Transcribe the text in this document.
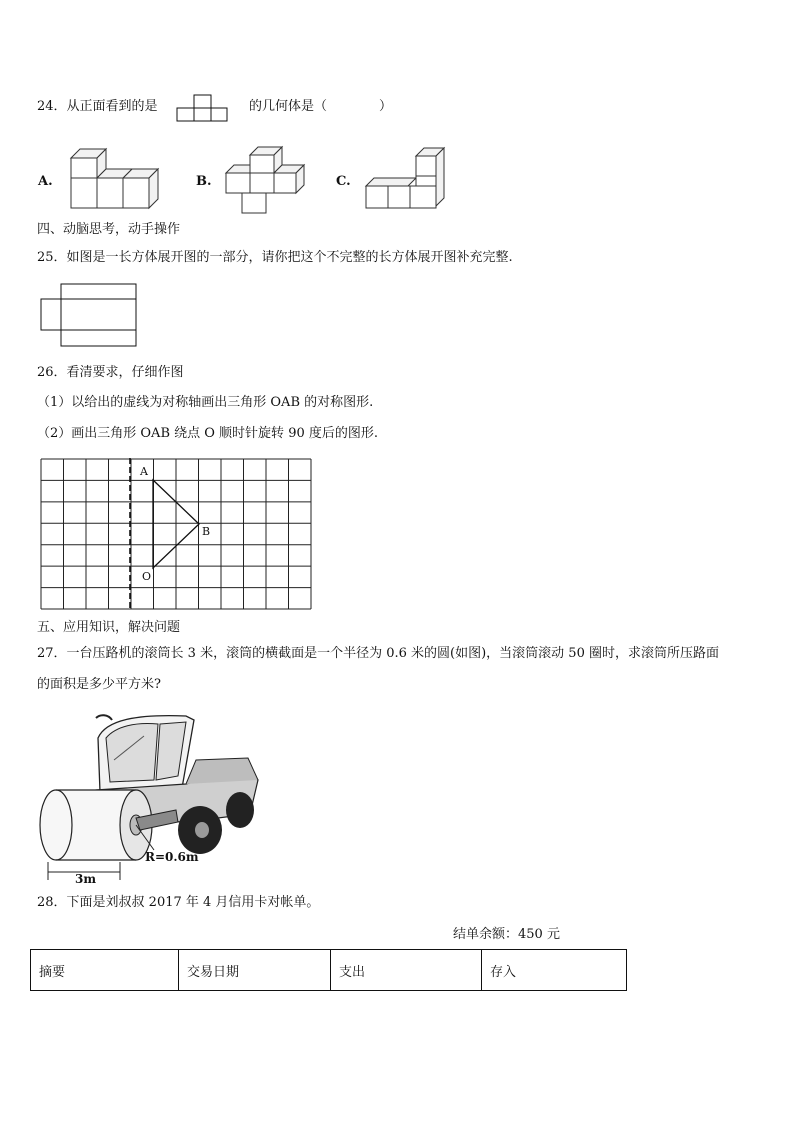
24．从正面看到的是	的几何体是（　　　　）
A.	B.	C.
四、动脑思考，动手操作
25．如图是一长方体展开图的一部分，请你把这个不完整的长方体展开图补充完整.
26．看清要求，仔细作图
（1）以给出的虚线为对称轴画出三角形 OAB 的对称图形.
（2）画出三角形 OAB 绕点 O 顺时针旋转 90 度后的图形.
A
B
O
五、应用知识，解决问题
27．一台压路机的滚筒长 3 米，滚筒的横截面是一个半径为 0.6 米的圆(如图)，当滚筒滚动 50 圈时，求滚筒所压路面
的面积是多少平方米?
R=0.6m
3m
28．下面是刘叔叔 2017 年 4 月信用卡对帐单。
结单余额：450 元
摘要	交易日期	支出	存入
